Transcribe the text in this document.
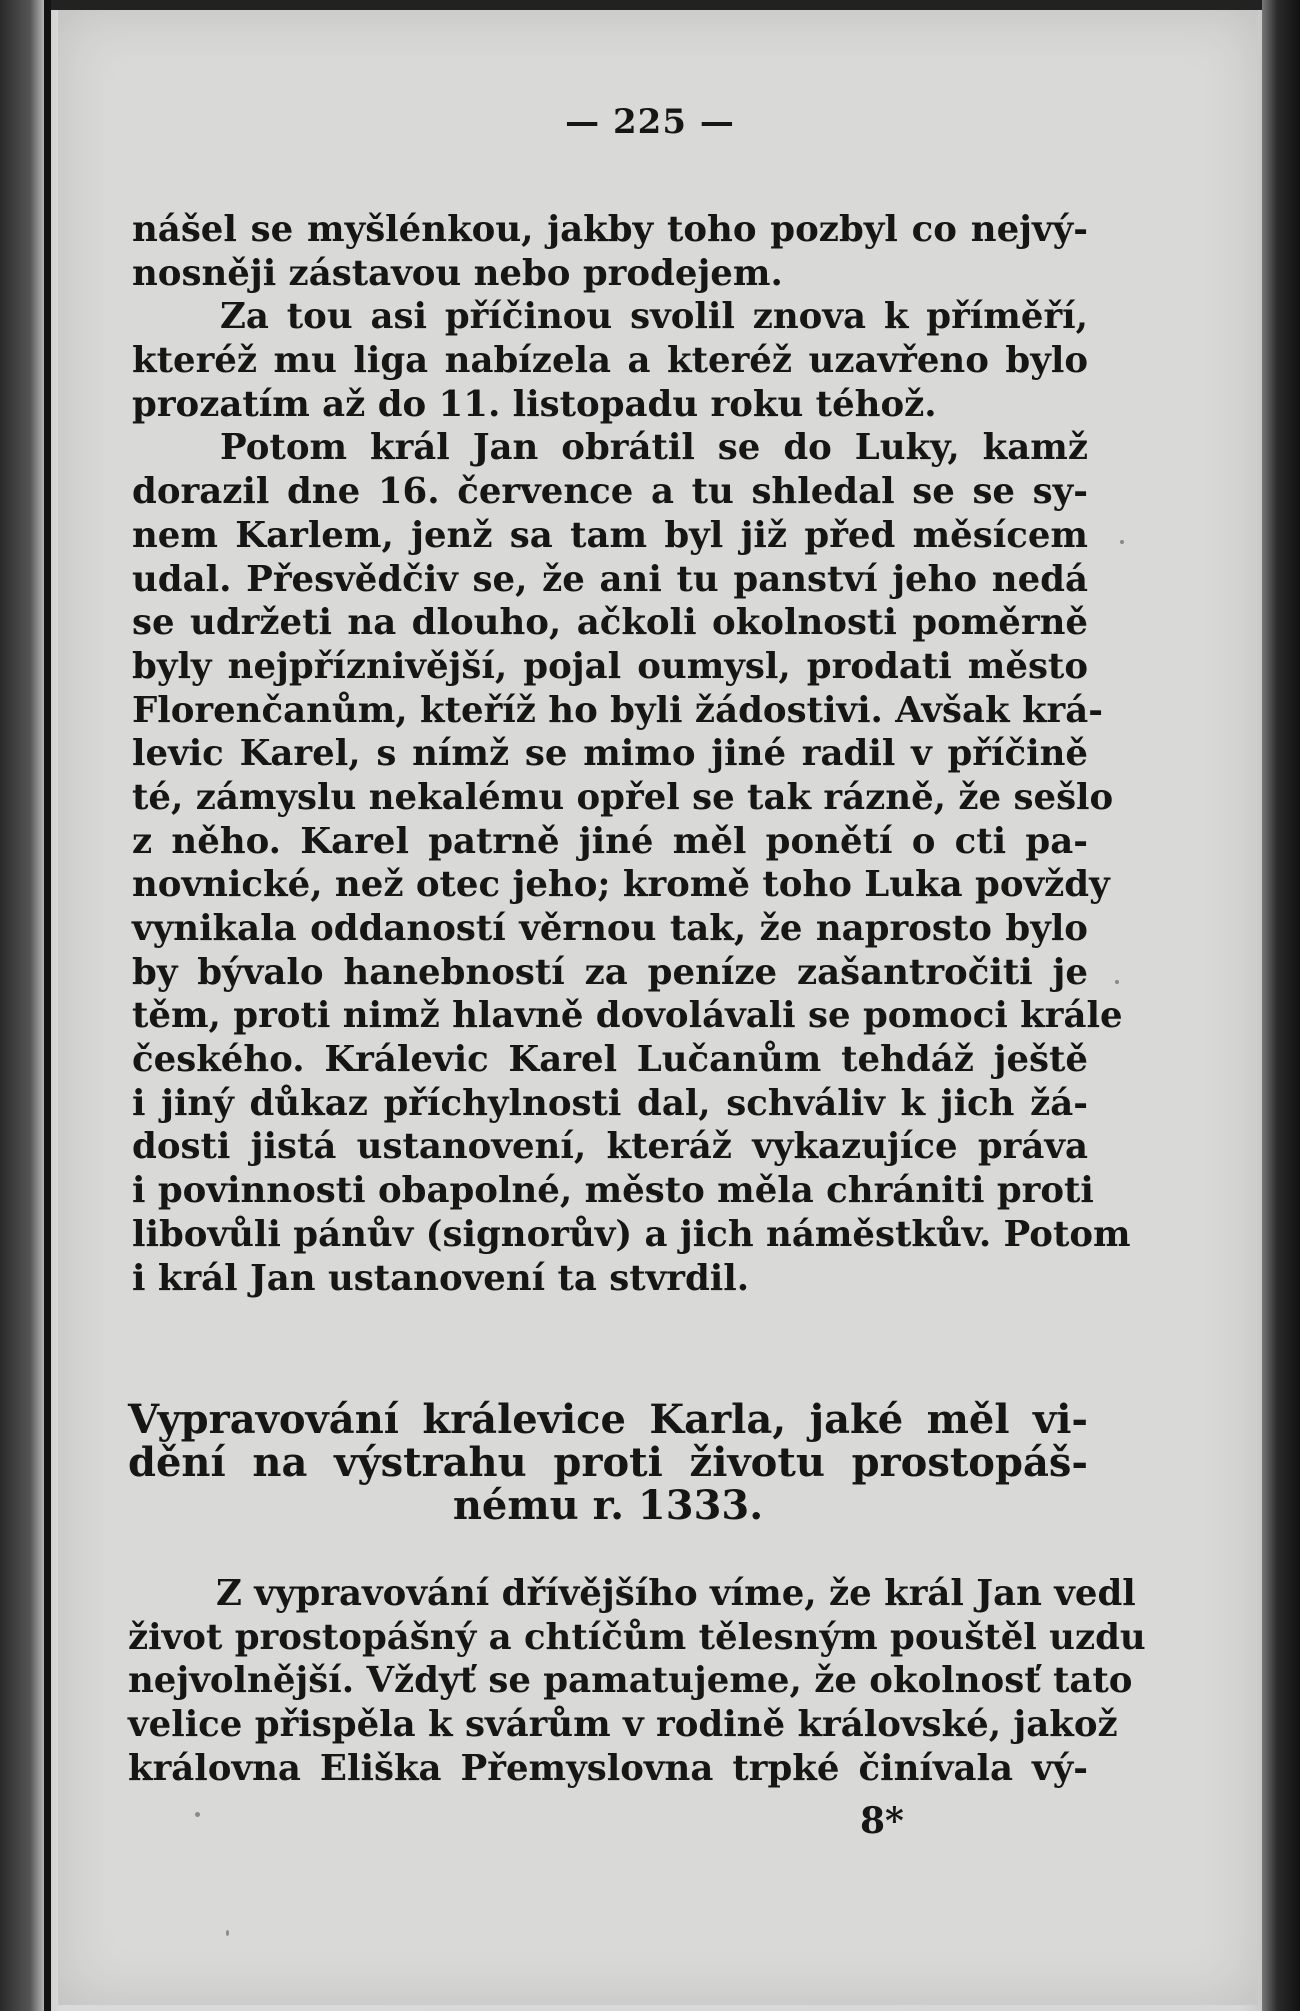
— 225 —
nášel se myšlénkou, jakby toho pozbyl co nejvý-
nosněji zástavou nebo prodejem.
Za tou asi příčinou svolil znova k příměří,
kteréž mu liga nabízela a kteréž uzavřeno bylo
prozatím až do 11. listopadu roku téhož.
Potom král Jan obrátil se do Luky, kamž
dorazil dne 16. července a tu shledal se se sy-
nem Karlem, jenž sa tam byl již před měsícem
udal. Přesvědčiv se, že ani tu panství jeho nedá
se udržeti na dlouho, ačkoli okolnosti poměrně
byly nejpříznivější, pojal oumysl, prodati město
Florenčanům, kteříž ho byli žádostivi. Avšak krá-
levic Karel, s nímž se mimo jiné radil v příčině
té, zámyslu nekalému opřel se tak rázně, že sešlo
z něho. Karel patrně jiné měl ponětí o cti pa-
novnické, než otec jeho; kromě toho Luka povždy
vynikala oddaností věrnou tak, že naprosto bylo
by bývalo hanebností za peníze zašantročiti je
těm, proti nimž hlavně dovolávali se pomoci krále
českého. Králevic Karel Lučanům tehdáž ještě
i jiný důkaz příchylnosti dal, schváliv k jich žá-
dosti jistá ustanovení, kteráž vykazujíce práva
i povinnosti obapolné, město měla chrániti proti
libovůli pánův (signorův) a jich náměstkův. Potom
i král Jan ustanovení ta stvrdil.
Vypravování králevice Karla, jaké měl vi-
dění na výstrahu proti životu prostopáš-
nému r. 1333.
Z vypravování dřívějšího víme, že král Jan vedl
život prostopášný a chtíčům tělesným pouštěl uzdu
nejvolnější. Vždyť se pamatujeme, že okolnosť tato
velice přispěla k svárům v rodině královské, jakož
královna Eliška Přemyslovna trpké činívala vý-
8*
